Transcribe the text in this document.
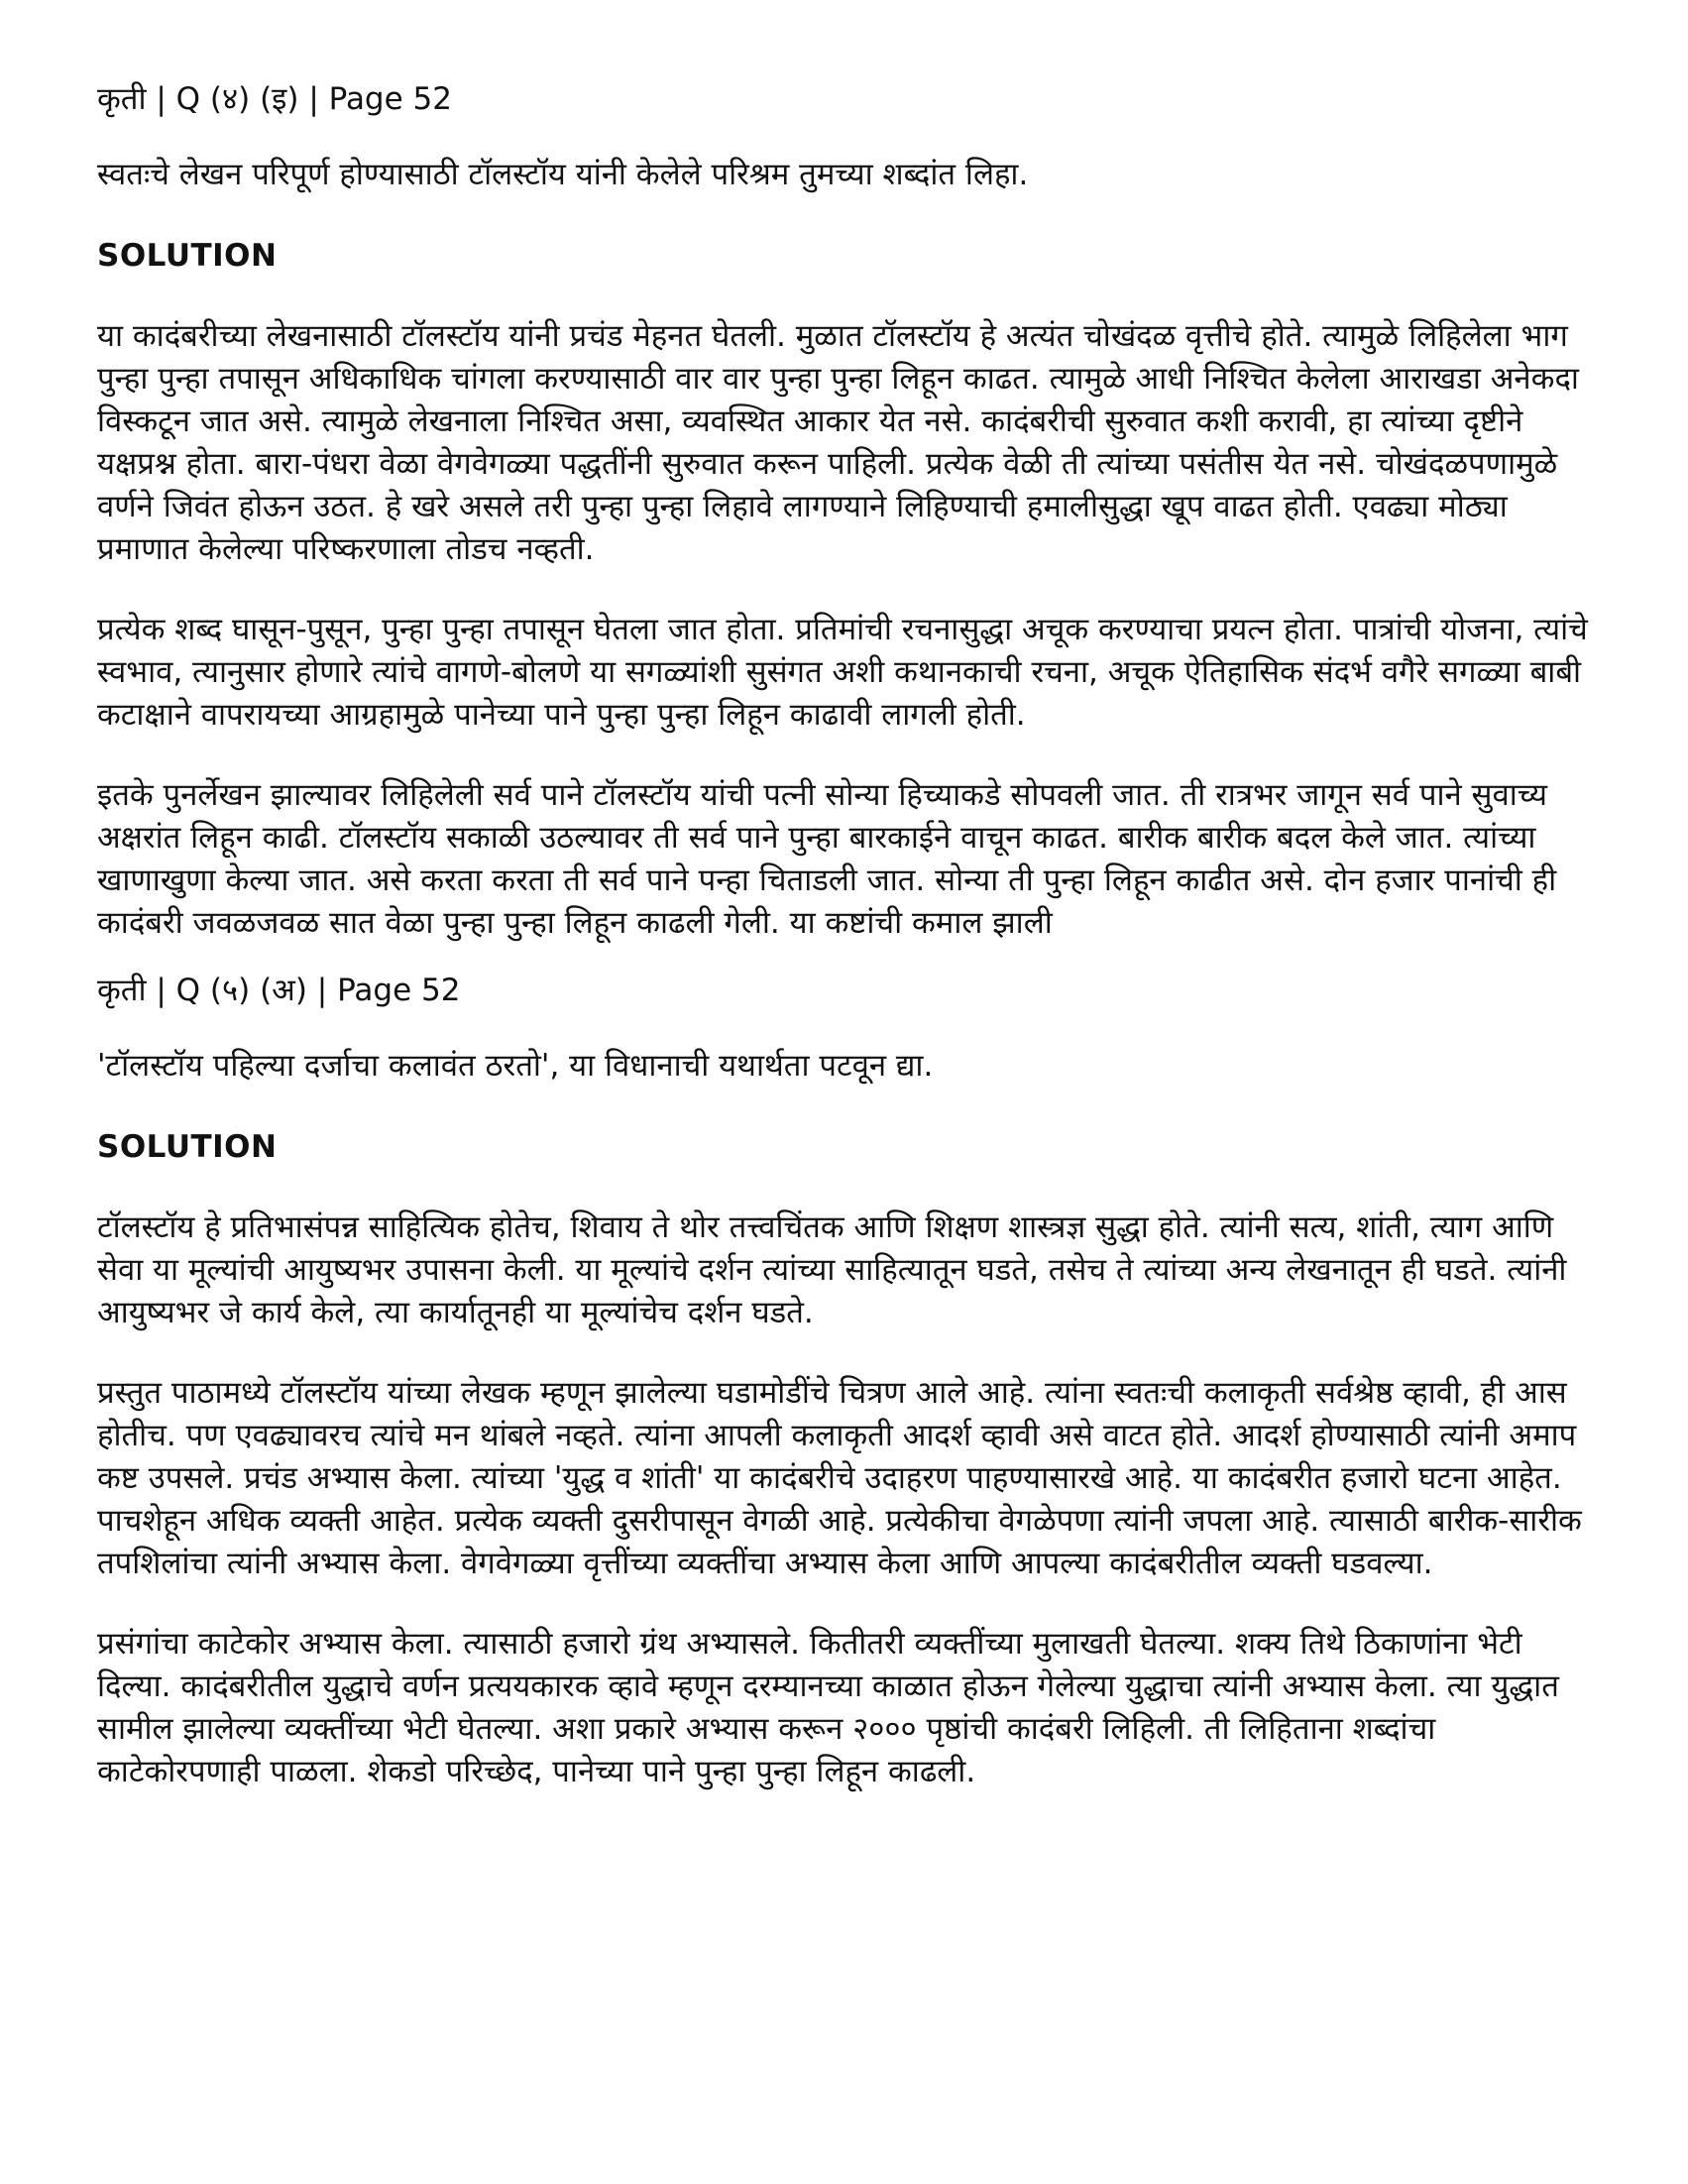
कृती | Q (४) (इ) | Page 52
स्वतःचे लेखन परिपूर्ण होण्यासाठी टॉलस्टॉय यांनी केलेले परिश्रम तुमच्या शब्दांत लिहा.
SOLUTION
या कादंबरीच्या लेखनासाठी टॉलस्टॉय यांनी प्रचंड मेहनत घेतली. मुळात टॉलस्टॉय हे अत्यंत चोखंदळ वृत्तीचे होते. त्यामुळे लिहिलेला भाग पुन्हा पुन्हा तपासून अधिकाधिक चांगला करण्यासाठी वार वार पुन्हा पुन्हा लिहून काढत. त्यामुळे आधी निश्चित केलेला आराखडा अनेकदा विस्कटून जात असे. त्यामुळे लेखनाला निश्चित असा, व्यवस्थित आकार येत नसे. कादंबरीची सुरुवात कशी करावी, हा त्यांच्या दृष्टीने यक्षप्रश्न होता. बारा-पंधरा वेळा वेगवेगळ्या पद्धतींनी सुरुवात करून पाहिली. प्रत्येक वेळी ती त्यांच्या पसंतीस येत नसे. चोखंदळपणामुळे वर्णने जिवंत होऊन उठत. हे खरे असले तरी पुन्हा पुन्हा लिहावे लागण्याने लिहिण्याची हमालीसुद्धा खूप वाढत होती. एवढ्या मोठ्या प्रमाणात केलेल्या परिष्करणाला तोडच नव्हती.
प्रत्येक शब्द घासून-पुसून, पुन्हा पुन्हा तपासून घेतला जात होता. प्रतिमांची रचनासुद्धा अचूक करण्याचा प्रयत्न होता. पात्रांची योजना, त्यांचे स्वभाव, त्यानुसार होणारे त्यांचे वागणे-बोलणे या सगळ्यांशी सुसंगत अशी कथानकाची रचना, अचूक ऐतिहासिक संदर्भ वगैरे सगळ्या बाबी कटाक्षाने वापरायच्या आग्रहामुळे पानेच्या पाने पुन्हा पुन्हा लिहून काढावी लागली होती.
इतके पुनर्लेखन झाल्यावर लिहिलेली सर्व पाने टॉलस्टॉय यांची पत्नी सोन्या हिच्याकडे सोपवली जात. ती रात्रभर जागून सर्व पाने सुवाच्य अक्षरांत लिहून काढी. टॉलस्टॉय सकाळी उठल्यावर ती सर्व पाने पुन्हा बारकाईने वाचून काढत. बारीक बारीक बदल केले जात. त्यांच्या खाणाखुणा केल्या जात. असे करता करता ती सर्व पाने पन्हा चिताडली जात. सोन्या ती पुन्हा लिहून काढीत असे. दोन हजार पानांची ही कादंबरी जवळजवळ सात वेळा पुन्हा पुन्हा लिहून काढली गेली. या कष्टांची कमाल झाली
कृती | Q (५) (अ) | Page 52
'टॉलस्टॉय पहिल्या दर्जाचा कलावंत ठरतो', या विधानाची यथार्थता पटवून द्या.
SOLUTION
टॉलस्टॉय हे प्रतिभासंपन्न साहित्यिक होतेच, शिवाय ते थोर तत्त्वचिंतक आणि शिक्षण शास्त्रज्ञ सुद्धा होते. त्यांनी सत्य, शांती, त्याग आणि सेवा या मूल्यांची आयुष्यभर उपासना केली. या मूल्यांचे दर्शन त्यांच्या साहित्यातून घडते, तसेच ते त्यांच्या अन्य लेखनातून ही घडते. त्यांनी आयुष्यभर जे कार्य केले, त्या कार्यातूनही या मूल्यांचेच दर्शन घडते.
प्रस्तुत पाठामध्ये टॉलस्टॉय यांच्या लेखक म्हणून झालेल्या घडामोडींचे चित्रण आले आहे. त्यांना स्वतःची कलाकृती सर्वश्रेष्ठ व्हावी, ही आस होतीच. पण एवढ्यावरच त्यांचे मन थांबले नव्हते. त्यांना आपली कलाकृती आदर्श व्हावी असे वाटत होते. आदर्श होण्यासाठी त्यांनी अमाप कष्ट उपसले. प्रचंड अभ्यास केला. त्यांच्या 'युद्ध व शांती' या कादंबरीचे उदाहरण पाहण्यासारखे आहे. या कादंबरीत हजारो घटना आहेत. पाचशेहून अधिक व्यक्ती आहेत. प्रत्येक व्यक्ती दुसरीपासून वेगळी आहे. प्रत्येकीचा वेगळेपणा त्यांनी जपला आहे. त्यासाठी बारीक-सारीक तपशिलांचा त्यांनी अभ्यास केला. वेगवेगळ्या वृत्तींच्या व्यक्तींचा अभ्यास केला आणि आपल्या कादंबरीतील व्यक्ती घडवल्या.
प्रसंगांचा काटेकोर अभ्यास केला. त्यासाठी हजारो ग्रंथ अभ्यासले. कितीतरी व्यक्तींच्या मुलाखती घेतल्या. शक्य तिथे ठिकाणांना भेटी दिल्या. कादंबरीतील युद्धाचे वर्णन प्रत्ययकारक व्हावे म्हणून दरम्यानच्या काळात होऊन गेलेल्या युद्धाचा त्यांनी अभ्यास केला. त्या युद्धात सामील झालेल्या व्यक्तींच्या भेटी घेतल्या. अशा प्रकारे अभ्यास करून २००० पृष्ठांची कादंबरी लिहिली. ती लिहिताना शब्दांचा काटेकोरपणाही पाळला. शेकडो परिच्छेद, पानेच्या पाने पुन्हा पुन्हा लिहून काढली.
